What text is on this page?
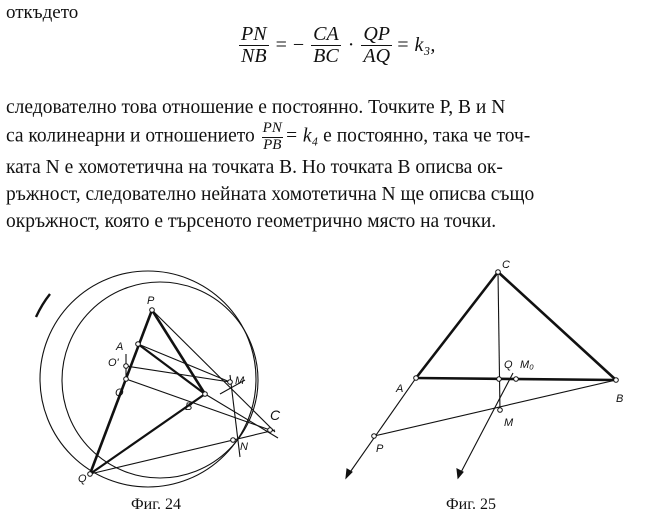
откъдето
$\frac{PN}{NB}$ = − $\frac{CA}{BC} \cdot \frac{QP}{AQ} = k_3$,

следователно това отношение е постоянно. Точките P, B и N

са колинеарни и отношението $\frac{PN}{PB} = k_4$ е постоянно, така че точ-

ката N е хомотетична на точката B. Но точката B описва ок-

ръжност, следователно нейната хомотетична N ще описва също

окръжност, която е търсеното геометрично място на точки.

P
A
O'
O
B
M
N
C
Q
Фиг. 24
C
A
B
Q M₀
M
P
Фиг. 25
